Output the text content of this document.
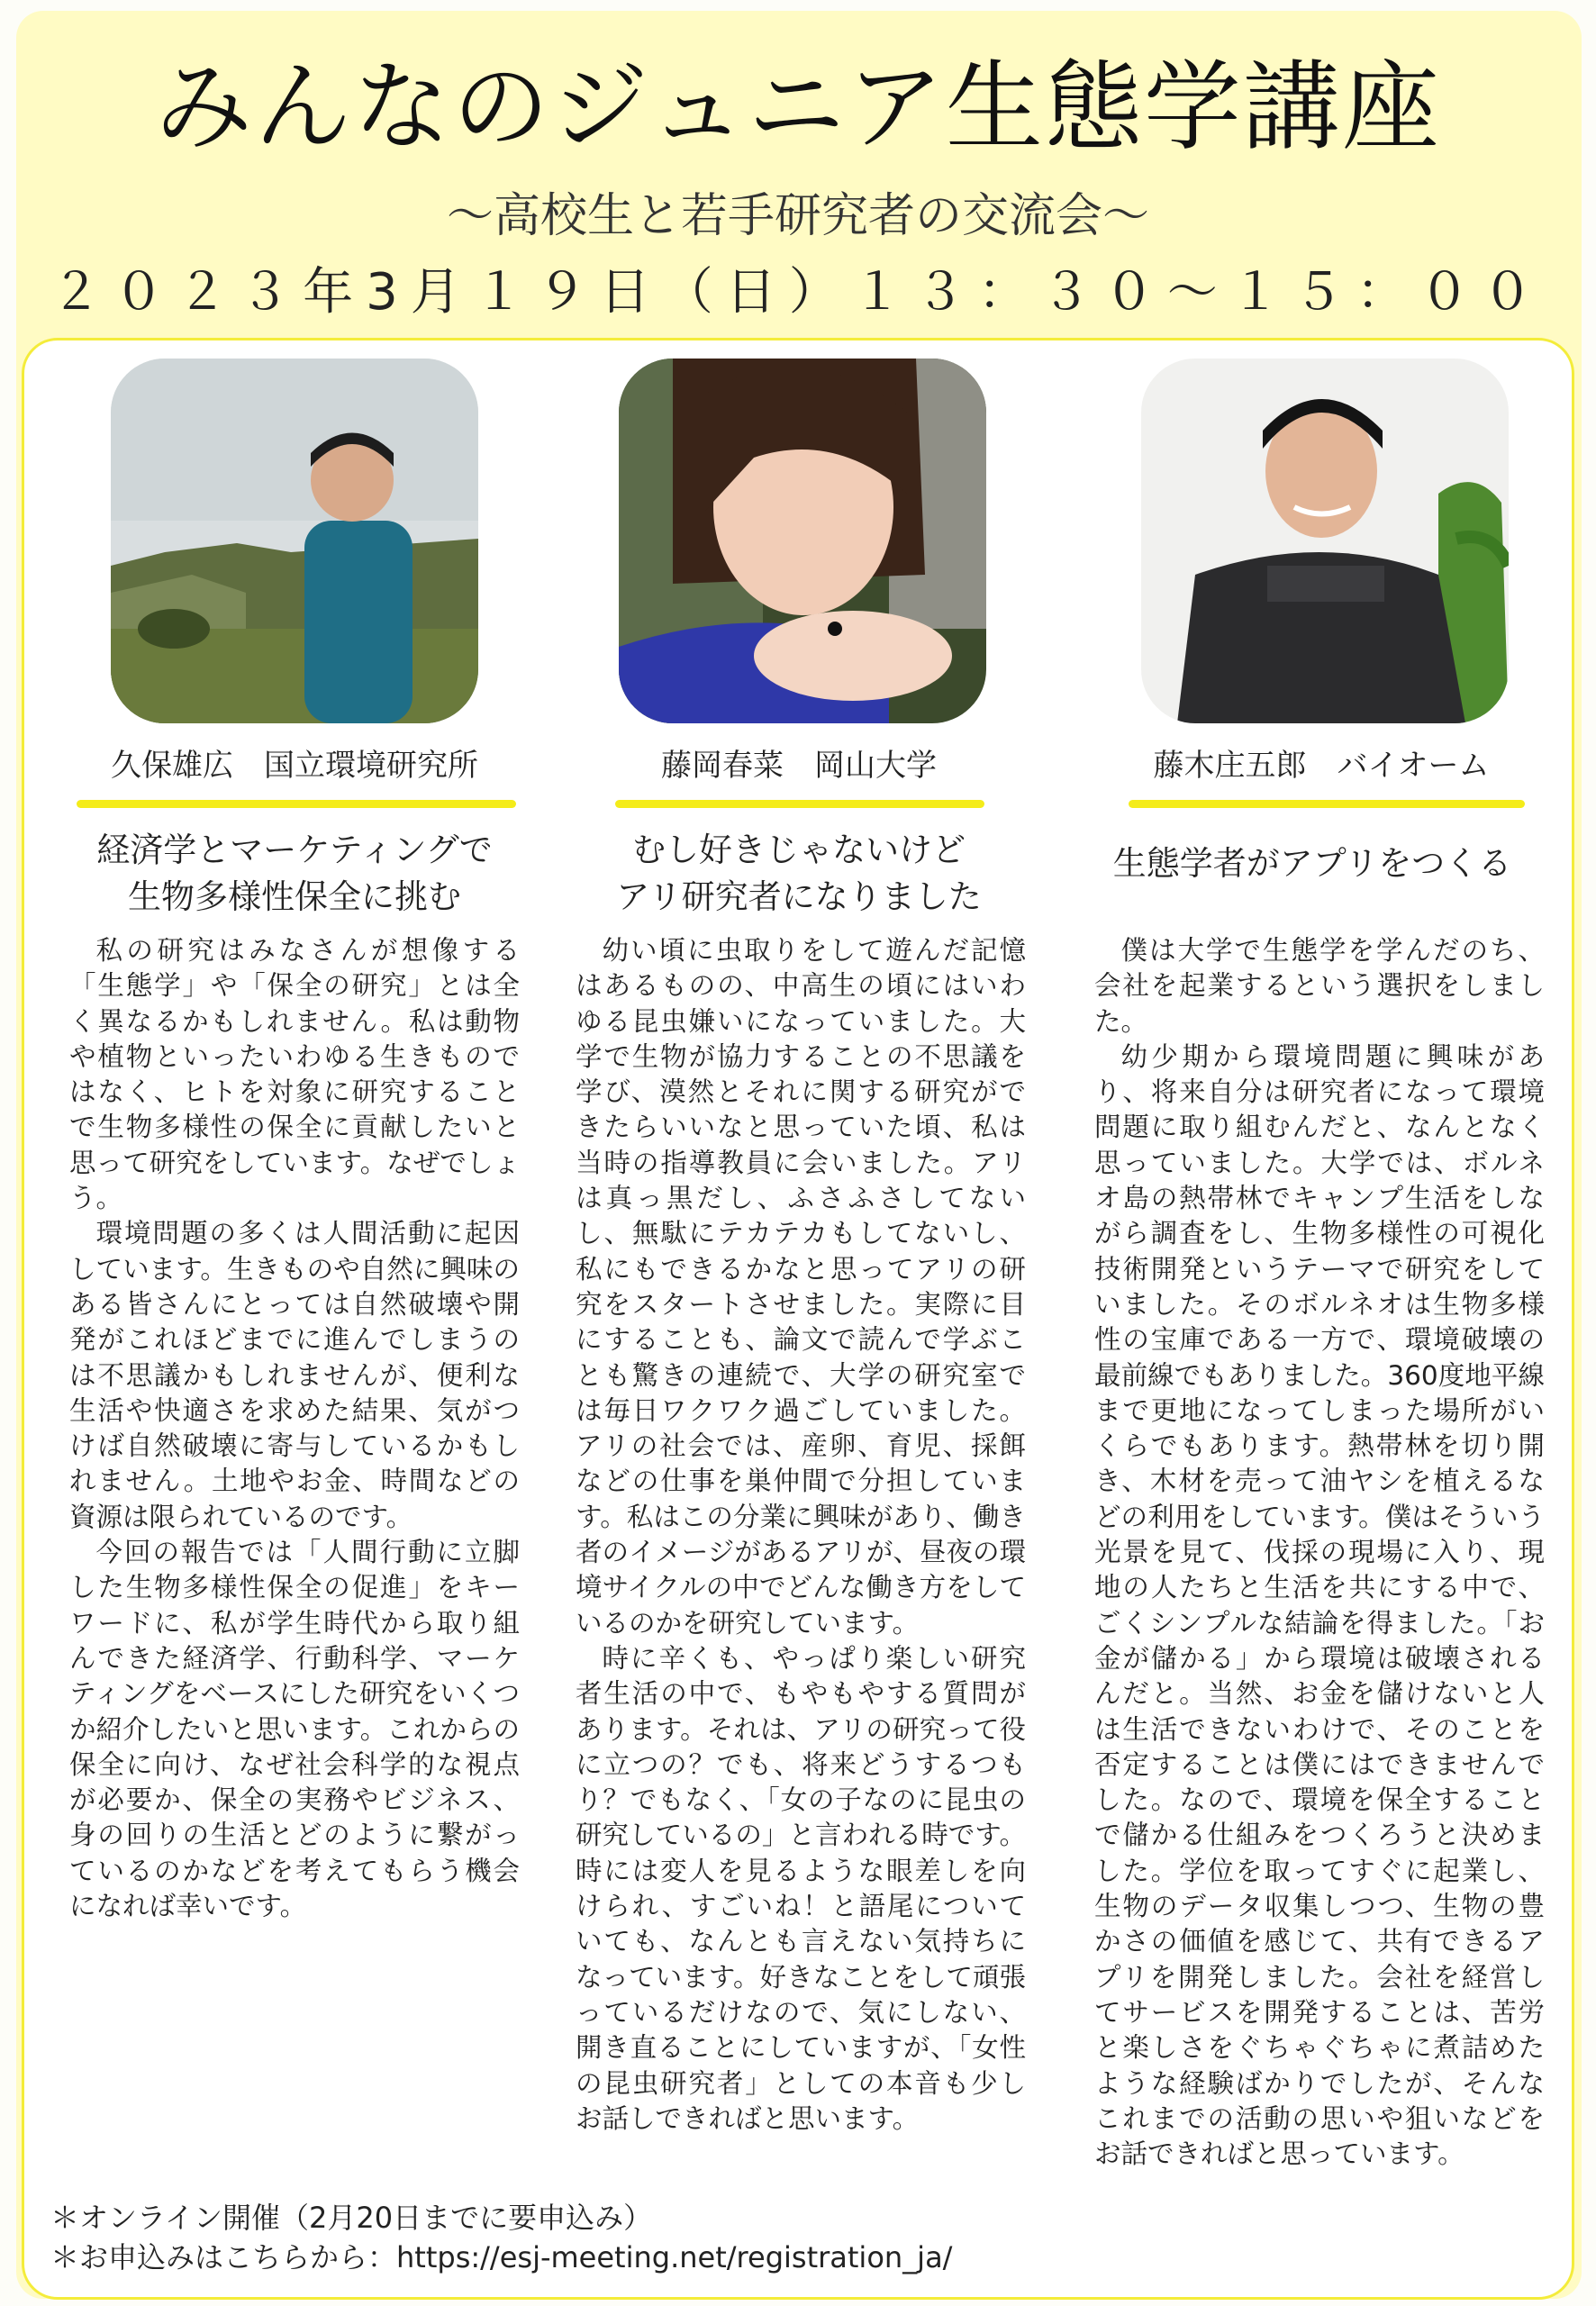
みんなのジュニア生態学講座
～高校生と若手研究者の交流会～
２０２３年3月１９日（日）１３：３０～１５：００
久保雄広　国立環境研究所
経済学とマーケティングで
生物多様性保全に挑む

私の研究はみなさんが想像する「生態学」や「保全の研究」とは全く異なるかもしれません。私は動物や植物といったいわゆる生きものではなく、ヒトを対象に研究することで生物多様性の保全に貢献したいと思って研究をしています。なぜでしょう。

環境問題の多くは人間活動に起因しています。生きものや自然に興味のある皆さんにとっては自然破壊や開発がこれほどまでに進んでしまうのは不思議かもしれませんが、便利な生活や快適さを求めた結果、気がつけば自然破壊に寄与しているかもしれません。土地やお金、時間などの資源は限られているのです。

今回の報告では「人間行動に立脚した生物多様性保全の促進」をキーワードに、私が学生時代から取り組んできた経済学、行動科学、マーケティングをベースにした研究をいくつか紹介したいと思います。これからの保全に向け、なぜ社会科学的な視点が必要か、保全の実務やビジネス、身の回りの生活とどのように繋がっているのかなどを考えてもらう機会になれば幸いです。

藤岡春菜　岡山大学
むし好きじゃないけど
アリ研究者になりました

幼い頃に虫取りをして遊んだ記憶はあるものの、中高生の頃にはいわゆる昆虫嫌いになっていました。大学で生物が協力することの不思議を学び、漠然とそれに関する研究ができたらいいなと思っていた頃、私は当時の指導教員に会いました。アリは真っ黒だし、ふさふさしてないし、無駄にテカテカもしてないし、私にもできるかなと思ってアリの研究をスタートさせました。実際に目にすることも、論文で読んで学ぶことも驚きの連続で、大学の研究室では毎日ワクワク過ごしていました。アリの社会では、産卵、育児、採餌などの仕事を巣仲間で分担しています。私はこの分業に興味があり、働き者のイメージがあるアリが、昼夜の環境サイクルの中でどんな働き方をしているのかを研究しています。

時に辛くも、やっぱり楽しい研究者生活の中で、もやもやする質問があります。それは、アリの研究って役に立つの？でも、将来どうするつもり？でもなく、「女の子なのに昆虫の研究しているの」と言われる時です。時には変人を見るような眼差しを向けられ、すごいね！と語尾についていても、なんとも言えない気持ちになっています。好きなことをして頑張っているだけなので、気にしない、開き直ることにしていますが、「女性の昆虫研究者」としての本音も少しお話しできればと思います。

藤木庄五郎　バイオーム
生態学者がアプリをつくる

僕は大学で生態学を学んだのち、会社を起業するという選択をしました。

幼少期から環境問題に興味があり、将来自分は研究者になって環境問題に取り組むんだと、なんとなく思っていました。大学では、ボルネオ島の熱帯林でキャンプ生活をしながら調査をし、生物多様性の可視化技術開発というテーマで研究をしていました。そのボルネオは生物多様性の宝庫である一方で、環境破壊の最前線でもありました。360度地平線まで更地になってしまった場所がいくらでもあります。熱帯林を切り開き、木材を売って油ヤシを植えるなどの利用をしています。僕はそういう光景を見て、伐採の現場に入り、現地の人たちと生活を共にする中で、ごくシンプルな結論を得ました。「お金が儲かる」から環境は破壊されるんだと。当然、お金を儲けないと人は生活できないわけで、そのことを否定することは僕にはできませんでした。なので、環境を保全することで儲かる仕組みをつくろうと決めました。学位を取ってすぐに起業し、生物のデータ収集しつつ、生物の豊かさの価値を感じて、共有できるアプリを開発しました。会社を経営してサービスを開発することは、苦労と楽しさをぐちゃぐちゃに煮詰めたような経験ばかりでしたが、そんなこれまでの活動の思いや狙いなどをお話できればと思っています。

＊オンライン開催（2月20日までに要申込み）
＊お申込みはこちらから：https://esj-meeting.net/registration_ja/
